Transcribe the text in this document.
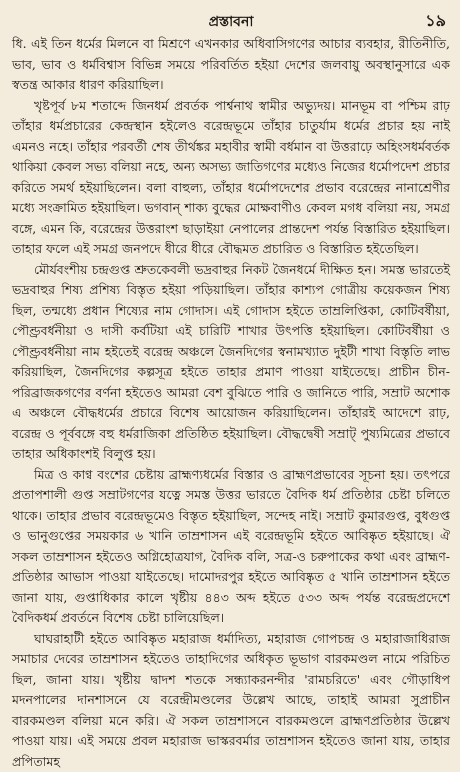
প্রস্তাবনা	১৯

ধি. এই তিন ধর্মের মিলনে বা মিশ্রণে এখনকার অধিবাসিগণের আচার ব্যবহার, রীতিনীতি, ভাব, ভাব ও ধর্মবিশ্বাস বিভিন্ন সময়ে পরিবর্তিত হইয়া দেশের জলবায়ু অবস্থানুসারে এক স্বতন্ত্র আকার ধারণ করিয়াছিল।

খৃষ্টপূর্ব ৮ম শতাব্দে জিনধর্ম প্রবর্তক পার্শ্বনাথ স্বামীর অভ্যুদয়। মানভূম বা পশ্চিম রাঢ় তাঁহার ধর্মপ্রচারের কেন্দ্রস্থান হইলেও বরেন্দ্রভূমে তাঁহার চাতুর্যাম ধর্মের প্রচার হয় নাই এমনও নহে। তাঁহার পরবর্তী শেষ তীর্থঙ্কর মহাবীর স্বামী বর্ধমান বা উত্তরাঢ়ে অহিংসধর্মবর্তক থাকিয়া কেবল সভ্য বলিয়া নহে, অন্য অসভ্য জাতিগণের মধ্যেও নিজের ধর্মোপদেশ প্রচার করিতে সমর্থ হইয়াছিলেন। বলা বাহুল্য, তাঁহার ধর্মোপদেশের প্রভাব বরেন্দ্রের নানাশ্রেণীর মধ্যে সংক্রামিত হইয়াছিল। ভগবান্ শাক্য বুদ্ধের মোক্ষবাণীও কেবল মগধ বলিয়া নয়, সমগ্র বঙ্গে, এমন কি, বরেন্দ্রের উত্তরাংশ ছাড়াইয়া নেপালের প্রান্তদেশ পর্যন্ত বিস্তারিত হইয়াছিল। তাহার ফলে এই সমগ্র জনপদে ধীরে ধীরে বৌদ্ধমত প্রচারিত ও বিস্তারিত হইতেছিল।

মৌর্যবংশীয় চন্দ্রগুপ্ত শ্রুতকেবলী ভদ্রবাহুর নিকট জৈনধর্মে দীক্ষিত হন। সমস্ত ভারতেই ভদ্রবাহুর শিষ্য প্রশিষ্য বিস্তৃত হইয়া পড়িয়াছিল। তাঁহার কাশ্যপ গোত্রীয় কয়েকজন শিষ্য ছিল, তন্মধ্যে প্রধান শিষ্যের নাম গোদাস। এই গোদাস হইতে তাম্রলিপ্তিকা, কোটিবর্ষীয়া, পৌণ্ড্রবর্ধনীয়া ও দাসী কর্বটিয়া এই চারিটি শাখার উৎপত্তি হইয়াছিল। কোটিবর্ষীয়া ও পৌণ্ড্রবর্ধনীয়া নাম হইতেই বরেন্দ্র অঞ্চলে জৈনদিগের স্বনামখ্যাত দুইটী শাখা বিস্তৃতি লাভ করিয়াছিল, জৈনদিগের কল্পসূত্র হইতে তাহার প্রমাণ পাওয়া যাইতেছে। প্রাচীন চীন-পরিব্রাজকগণের বর্ণনা হইতেও আমরা বেশ বুঝিতে পারি ও জানিতে পারি, সম্রাট অশোক এ অঞ্চলে বৌদ্ধধর্মের প্রচারে বিশেষ আয়োজন করিয়াছিলেন। তাঁহারই আদেশে রাঢ়, বরেন্দ্র ও পূর্ববঙ্গে বহু ধর্মরাজিকা প্রতিষ্ঠিত হইয়াছিল। বৌদ্ধদ্বেষী সম্রাট্ পুষ্যমিত্রের প্রভাবে তাহার অধিকাংশই বিলুপ্ত হয়।

মিত্র ও কাণ্ব বংশের চেষ্টায় ব্রাহ্মণ্যধর্মের বিস্তার ও ব্রাহ্মণপ্রভাবের সূচনা হয়। তৎপরে প্রতাপশালী গুপ্ত সম্রাটগণের যত্নে সমস্ত উত্তর ভারতে বৈদিক ধর্ম প্রতিষ্ঠার চেষ্টা চলিতে থাকে। তাহার প্রভাব বরেন্দ্রভূমেও বিস্তৃত হইয়াছিল, সন্দেহ নাই। সম্রাট কুমারগুপ্ত, বুধগুপ্ত ও ভানুগুপ্তের সময়কার ৬ খানি তাম্রশাসন এই বরেন্দ্রভূমি হইতে আবিষ্কৃত হইয়াছে। ঐ সকল তাম্রশাসন হইতেও অগ্নিহোত্রযাগ, বৈদিক বলি, সত্র-ও চরুপাকের কথা এবং ব্রাহ্মণ-প্রতিষ্ঠার আভাস পাওয়া যাইতেছে। দামোদরপুর হইতে আবিষ্কৃত ৫ খানি তাম্রশাসন হইতে জানা যায়, গুপ্তাধিকার কালে খৃষ্টীয় ৪৪৩ অব্দ হইতে ৫৩৩ অব্দ পর্যন্ত বরেন্দ্রপ্রদেশে বৈদিকধর্ম প্রবর্তনে বিশেষ চেষ্টা চালিয়েছিল।

ঘাঘরাহাটী হইতে আবিষ্কৃত মহারাজ ধর্মাদিত্য, মহারাজ গোপচন্দ্র ও মহারাজাধিরাজ সমাচার দেবের তাম্রশাসন হইতেও তাহাদিগের অধিকৃত ভূভাগ বারকমণ্ডল নামে পরিচিত ছিল, জানা যায়। খৃষ্টীয় দ্বাদশ শতকে সন্ধ্যাকরনন্দীর 'রামচরিতে' এবং গৌড়াধিপ মদনপালের দানশাসনে যে বরেন্দ্রীমণ্ডলের উল্লেখ আছে, তাহাই আমরা সুপ্রাচীন বারকমণ্ডল বলিয়া মনে করি। ঐ সকল তাম্রশাসনে বারকমণ্ডলে ব্রাহ্মণপ্রতিষ্ঠার উল্লেখ পাওয়া যায়। এই সময়ে প্রবল মহারাজ ভাস্করবর্মার তাম্রশাসন হইতেও জানা যায়, তাহার প্রপিতামহ
